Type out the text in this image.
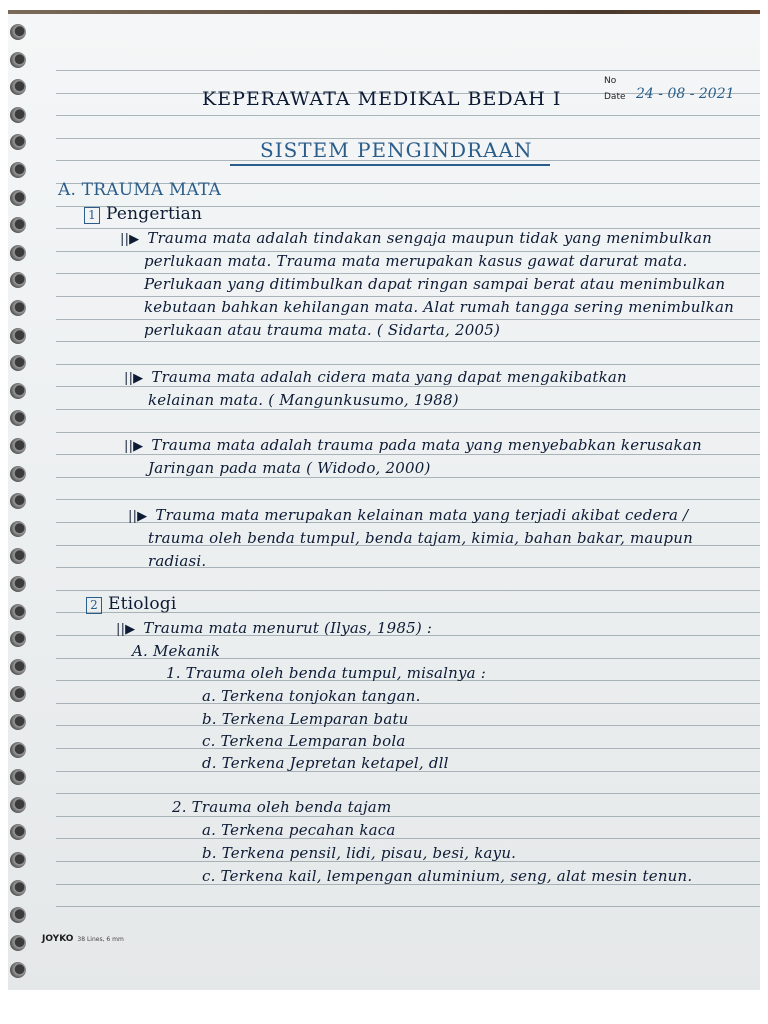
No
Date 24 - 08 - 2021
KEPERAWATA MEDIKAL BEDAH I
SISTEM PENGINDRAAN
A. TRAUMA MATA
1 Pengertian
||▶ Trauma mata adalah tindakan sengaja maupun tidak yang menimbulkan
perlukaan mata. Trauma mata merupakan kasus gawat darurat mata.
Perlukaan yang ditimbulkan dapat ringan sampai berat atau menimbulkan
kebutaan bahkan kehilangan mata. Alat rumah tangga sering menimbulkan
perlukaan atau trauma mata. ( Sidarta, 2005)
||▶ Trauma mata adalah cidera mata yang dapat mengakibatkan
kelainan mata. ( Mangunkusumo, 1988)
||▶ Trauma mata adalah trauma pada mata yang menyebabkan kerusakan
Jaringan pada mata ( Widodo, 2000)
||▶ Trauma mata merupakan kelainan mata yang terjadi akibat cedera /
trauma oleh benda tumpul, benda tajam, kimia, bahan bakar, maupun
radiasi.
2 Etiologi
||▶ Trauma mata menurut (Ilyas, 1985) :
A. Mekanik
1. Trauma oleh benda tumpul, misalnya :
a. Terkena tonjokan tangan.
b. Terkena Lemparan batu
c. Terkena Lemparan bola
d. Terkena Jepretan ketapel, dll
2. Trauma oleh benda tajam
a. Terkena pecahan kaca
b. Terkena pensil, lidi, pisau, besi, kayu.
c. Terkena kail, lempengan aluminium, seng, alat mesin tenun.
JOYKO 38 Lines, 6 mm
